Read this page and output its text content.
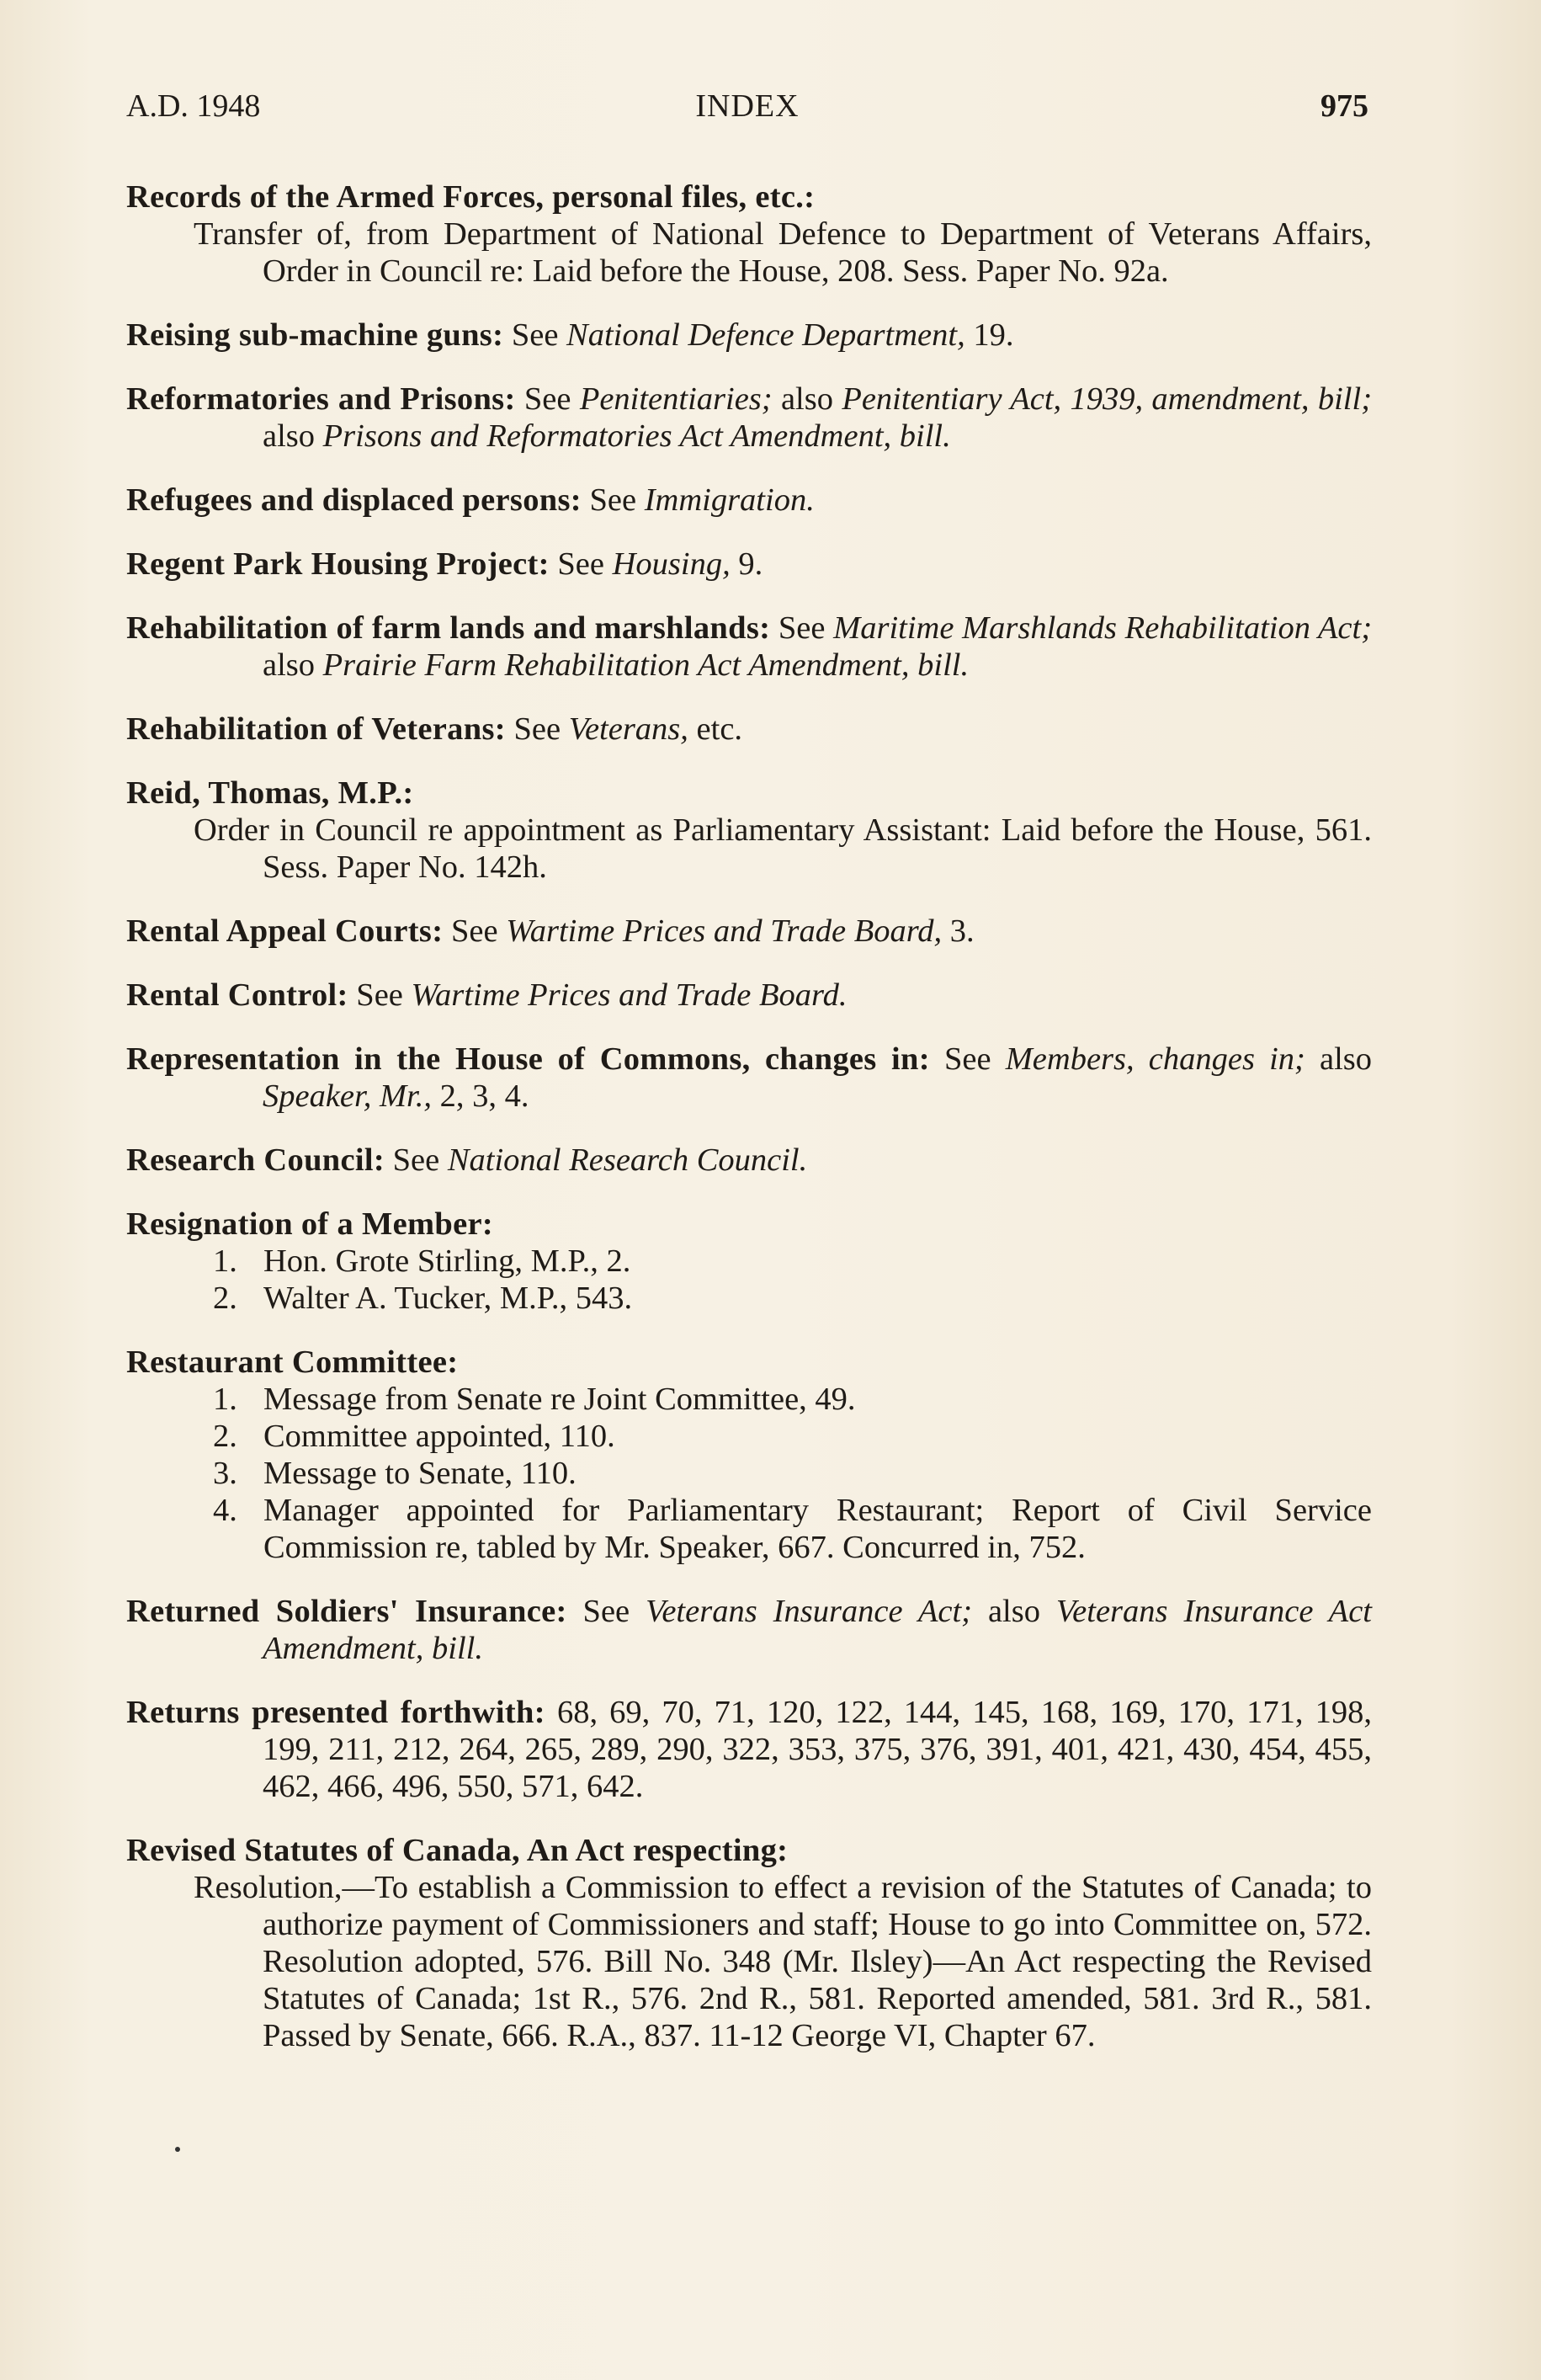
A.D. 1948	INDEX	975
Records of the Armed Forces, personal files, etc.:
Transfer of, from Department of National Defence to Department of Veterans Affairs, Order in Council re: Laid before the House, 208. Sess. Paper No. 92a.
Reising sub-machine guns: See National Defence Department, 19.
Reformatories and Prisons: See Penitentiaries; also Penitentiary Act, 1939, amendment, bill; also Prisons and Reformatories Act Amendment, bill.
Refugees and displaced persons: See Immigration.
Regent Park Housing Project: See Housing, 9.
Rehabilitation of farm lands and marshlands: See Maritime Marshlands Rehabilitation Act; also Prairie Farm Rehabilitation Act Amendment, bill.
Rehabilitation of Veterans: See Veterans, etc.
Reid, Thomas, M.P.:
Order in Council re appointment as Parliamentary Assistant: Laid before the House, 561. Sess. Paper No. 142h.
Rental Appeal Courts: See Wartime Prices and Trade Board, 3.
Rental Control: See Wartime Prices and Trade Board.
Representation in the House of Commons, changes in: See Members, changes in; also Speaker, Mr., 2, 3, 4.
Research Council: See National Research Council.
Resignation of a Member:
1. Hon. Grote Stirling, M.P., 2.
2. Walter A. Tucker, M.P., 543.
Restaurant Committee:
1. Message from Senate re Joint Committee, 49.
2. Committee appointed, 110.
3. Message to Senate, 110.
4. Manager appointed for Parliamentary Restaurant; Report of Civil Service Commission re, tabled by Mr. Speaker, 667. Concurred in, 752.
Returned Soldiers' Insurance: See Veterans Insurance Act; also Veterans Insurance Act Amendment, bill.
Returns presented forthwith: 68, 69, 70, 71, 120, 122, 144, 145, 168, 169, 170, 171, 198, 199, 211, 212, 264, 265, 289, 290, 322, 353, 375, 376, 391, 401, 421, 430, 454, 455, 462, 466, 496, 550, 571, 642.
Revised Statutes of Canada, An Act respecting:
Resolution,—To establish a Commission to effect a revision of the Statutes of Canada; to authorize payment of Commissioners and staff; House to go into Committee on, 572. Resolution adopted, 576. Bill No. 348 (Mr. Ilsley)—An Act respecting the Revised Statutes of Canada; 1st R., 576. 2nd R., 581. Reported amended, 581. 3rd R., 581. Passed by Senate, 666. R.A., 837. 11-12 George VI, Chapter 67.
